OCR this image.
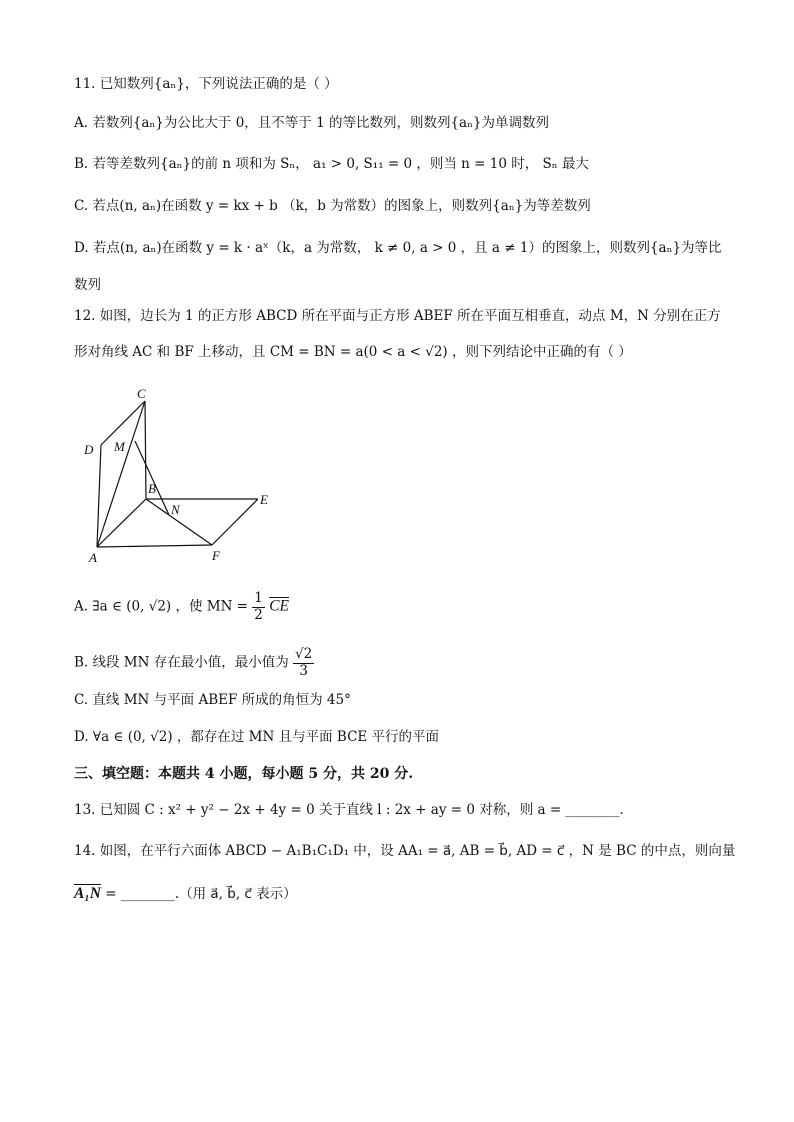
11. 已知数列{aₙ}，下列说法正确的是（ ）
A. 若数列{aₙ}为公比大于 0，且不等于 1 的等比数列，则数列{aₙ}为单调数列
B. 若等差数列{aₙ}的前 n 项和为 Sₙ， a₁ > 0, S₁₁ = 0 ，则当 n = 10 时， Sₙ 最大
C. 若点(n, aₙ)在函数 y = kx + b （k，b 为常数）的图象上，则数列{aₙ}为等差数列
D. 若点(n, aₙ)在函数 y = k · aˣ（k，a 为常数， k ≠ 0, a > 0 ，且 a ≠ 1）的图象上，则数列{aₙ}为等比
数列
12. 如图，边长为 1 的正方形 ABCD 所在平面与正方形 ABEF 所在平面互相垂直，动点 M，N 分别在正方
形对角线 AC 和 BF 上移动，且 CM = BN = a(0 < a < √2) ，则下列结论中正确的有（ ）
C
D M
B
N
E
A	F
A. ∃a ∈ (0, √2) ，使 MN = $\frac{1}{2} \overline{CE}$
B. 线段 MN 存在最小值，最小值为 $\frac{√2}{3}$
C. 直线 MN 与平面 ABEF 所成的角恒为 45°
D. ∀a ∈ (0, √2) ，都存在过 MN 且与平面 BCE 平行的平面
三、填空题：本题共 4 小题，每小题 5 分，共 20 分.
13. 已知圆 C : x² + y² − 2x + 4y = 0 关于直线 l : 2x + ay = 0 对称，则 a = ________.
14. 如图，在平行六面体 ABCD − A₁B₁C₁D₁ 中，设 AA₁ = a⃗, AB = b⃗, AD = c⃗ ，N 是 BC 的中点，则向量
A₁N = ________.（用 a⃗, b⃗, c⃗ 表示）
